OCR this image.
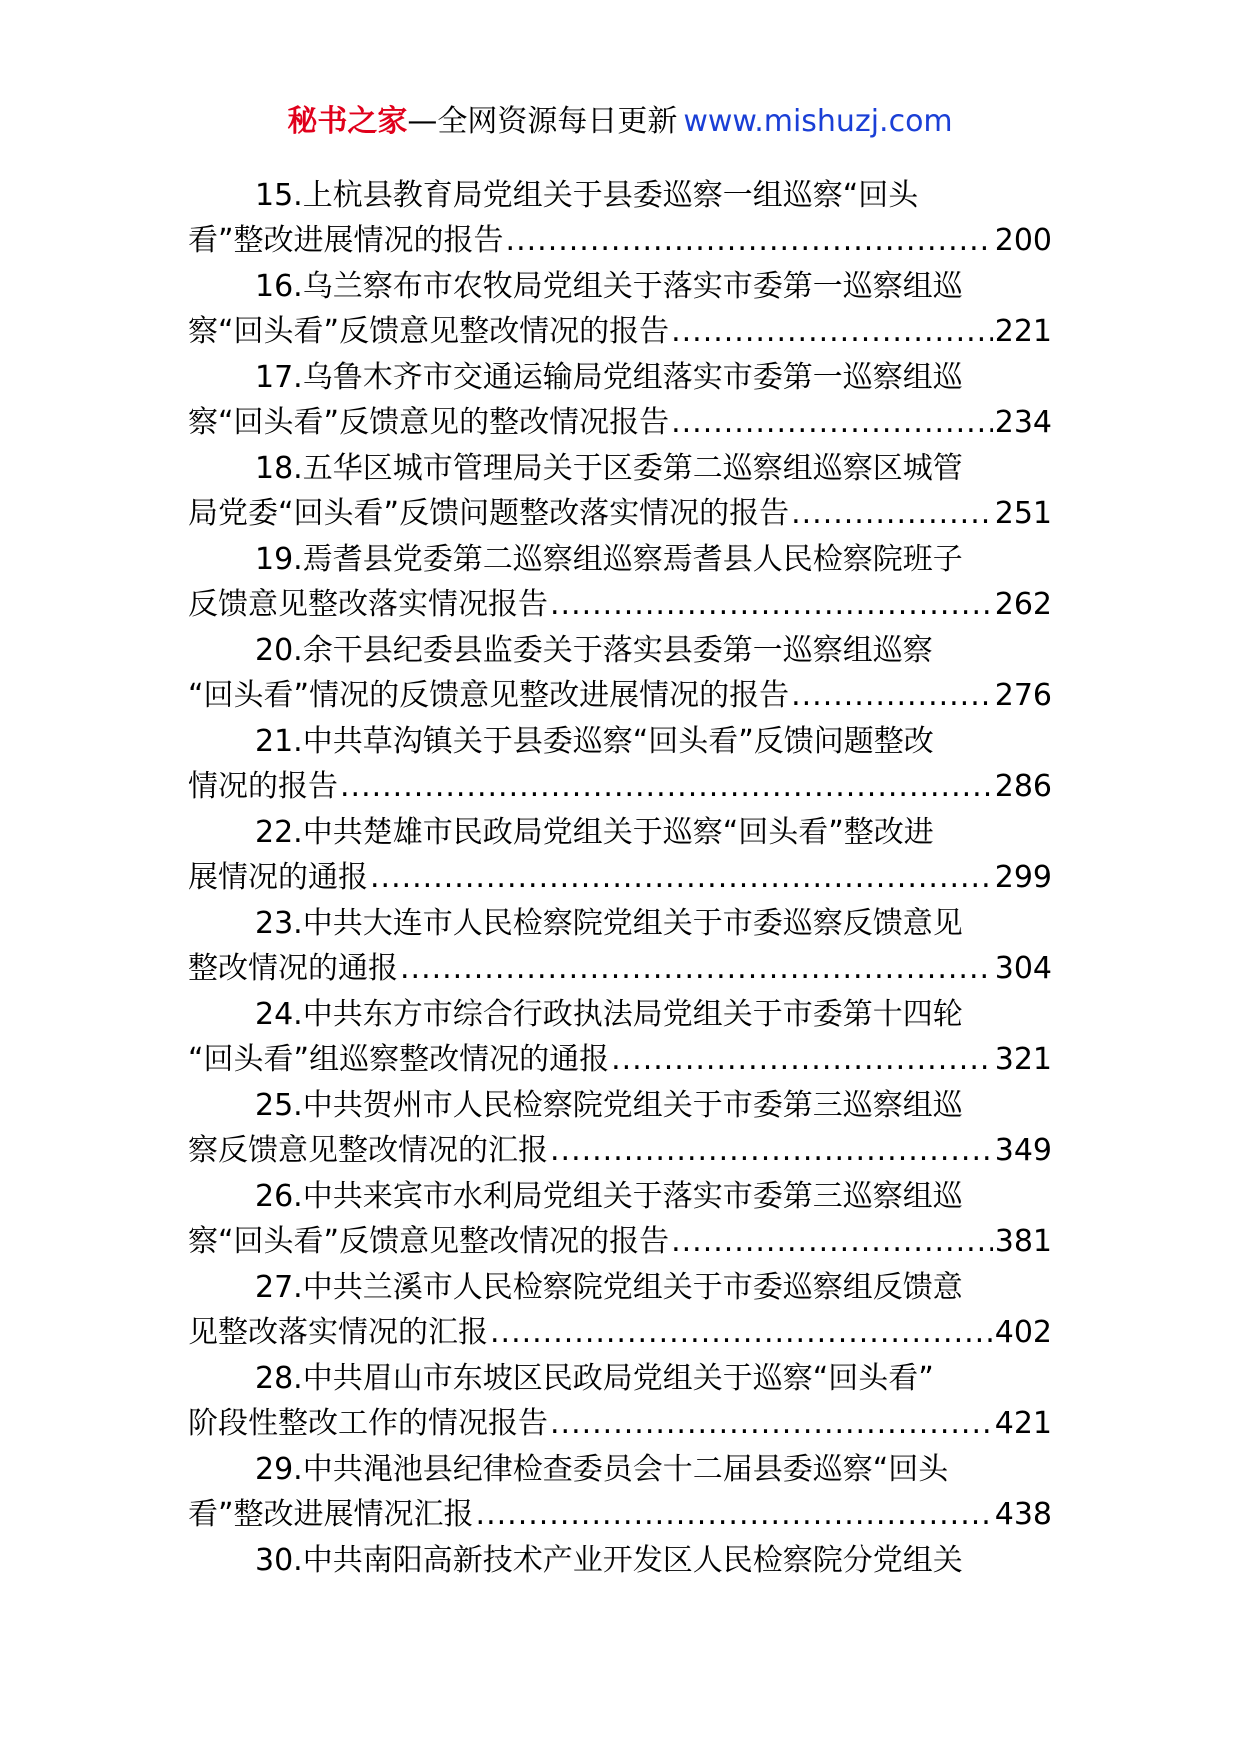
秘书之家—全网资源每日更新 www.mishuzj.com
15.上杭县教育局党组关于县委巡察一组巡察“回头
看”整改进展情况的报告 .....	200
16.乌兰察布市农牧局党组关于落实市委第一巡察组巡
察“回头看”反馈意见整改情况的报告 .....	221
17.乌鲁木齐市交通运输局党组落实市委第一巡察组巡
察“回头看”反馈意见的整改情况报告 .....	234
18.五华区城市管理局关于区委第二巡察组巡察区城管
局党委“回头看”反馈问题整改落实情况的报告 .....	251
19.焉耆县党委第二巡察组巡察焉耆县人民检察院班子
反馈意见整改落实情况报告 .....	262
20.余干县纪委县监委关于落实县委第一巡察组巡察
“回头看”情况的反馈意见整改进展情况的报告 .....	276
21.中共草沟镇关于县委巡察“回头看”反馈问题整改
情况的报告 .....	286
22.中共楚雄市民政局党组关于巡察“回头看”整改进
展情况的通报 .....	299
23.中共大连市人民检察院党组关于市委巡察反馈意见
整改情况的通报 .....	304
24.中共东方市综合行政执法局党组关于市委第十四轮
“回头看”组巡察整改情况的通报 .....	321
25.中共贺州市人民检察院党组关于市委第三巡察组巡
察反馈意见整改情况的汇报 .....	349
26.中共来宾市水利局党组关于落实市委第三巡察组巡
察“回头看”反馈意见整改情况的报告 .....	381
27.中共兰溪市人民检察院党组关于市委巡察组反馈意
见整改落实情况的汇报 .....	402
28.中共眉山市东坡区民政局党组关于巡察“回头看”
阶段性整改工作的情况报告 .....	421
29.中共渑池县纪律检查委员会十二届县委巡察“回头
看”整改进展情况汇报 .....	438
30.中共南阳高新技术产业开发区人民检察院分党组关
